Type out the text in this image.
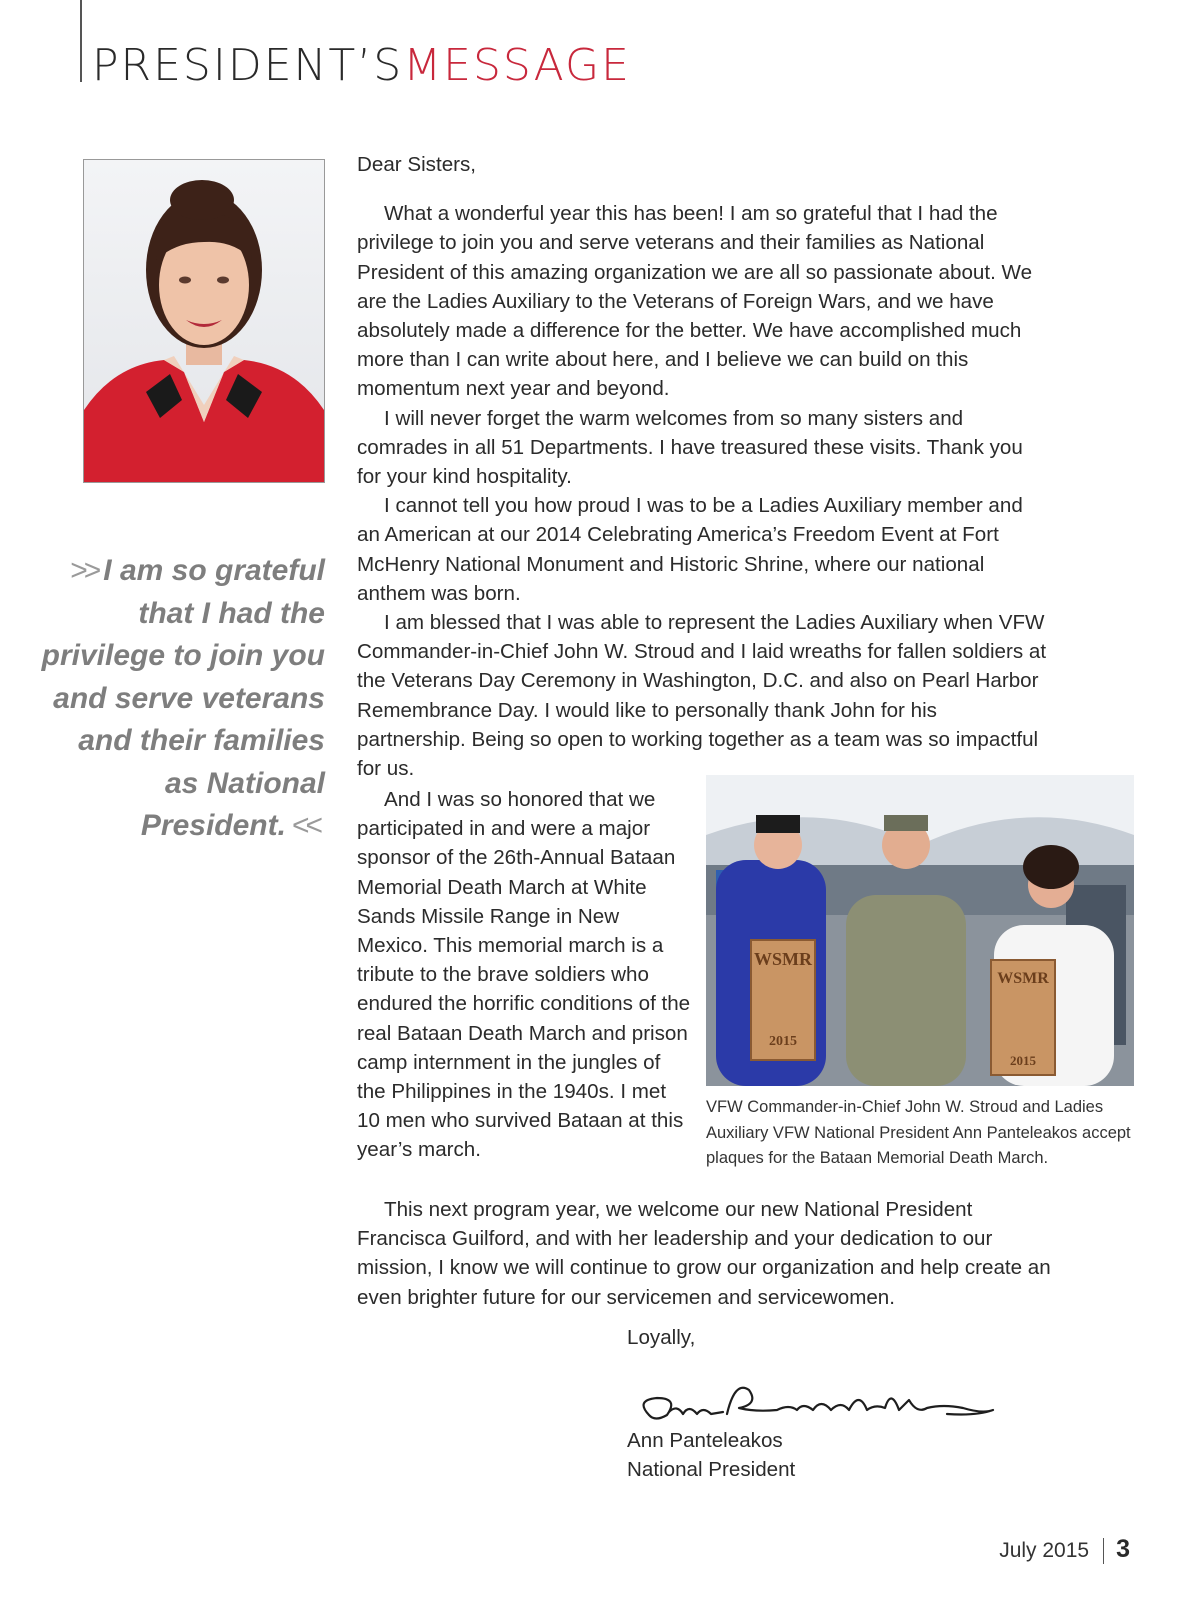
PRESIDENT’SMESSAGE
>> I am so grateful that I had the privilege to join you and serve veterans and their families as National President. <<

Dear Sisters,

What a wonderful year this has been! I am so grateful that I had the privilege to join you and serve veterans and their families as National President of this amazing organization we are all so passionate about. We are the Ladies Auxiliary to the Veterans of Foreign Wars, and we have absolutely made a difference for the better. We have accomplished much more than I can write about here, and I believe we can build on this momentum next year and beyond.

I will never forget the warm welcomes from so many sisters and comrades in all 51 Departments. I have treasured these visits. Thank you for your kind hospitality.

I cannot tell you how proud I was to be a Ladies Auxiliary member and an American at our 2014 Celebrating America’s Freedom Event at Fort McHenry National Monument and Historic Shrine, where our national anthem was born.

I am blessed that I was able to represent the Ladies Auxiliary when VFW Commander-in-Chief John W. Stroud and I laid wreaths for fallen soldiers at the Veterans Day Ceremony in Washington, D.C. and also on Pearl Harbor Remembrance Day. I would like to personally thank John for his partnership. Being so open to working together as a team was so impactful for us.

And I was so honored that we participated in and were a major sponsor of the 26th-Annual Bataan Memorial Death March at White Sands Missile Range in New Mexico. This memorial march is a tribute to the brave soldiers who endured the horrific conditions of the real Bataan Death March and prison camp internment in the jungles of the Philippines in the 1940s. I met 10 men who survived Bataan at this year’s march.

WSMR
2015
WSMR
2015
VFW Commander-in-Chief John W. Stroud and Ladies Auxiliary VFW National President Ann Panteleakos accept plaques for the Bataan Memorial Death March.

This next program year, we welcome our new National President Francisca Guilford, and with her leadership and your dedication to our mission, I know we will continue to grow our organization and help create an even brighter future for our servicemen and servicewomen.

Loyally,
Ann Panteleakos
National President
July 2015 3
